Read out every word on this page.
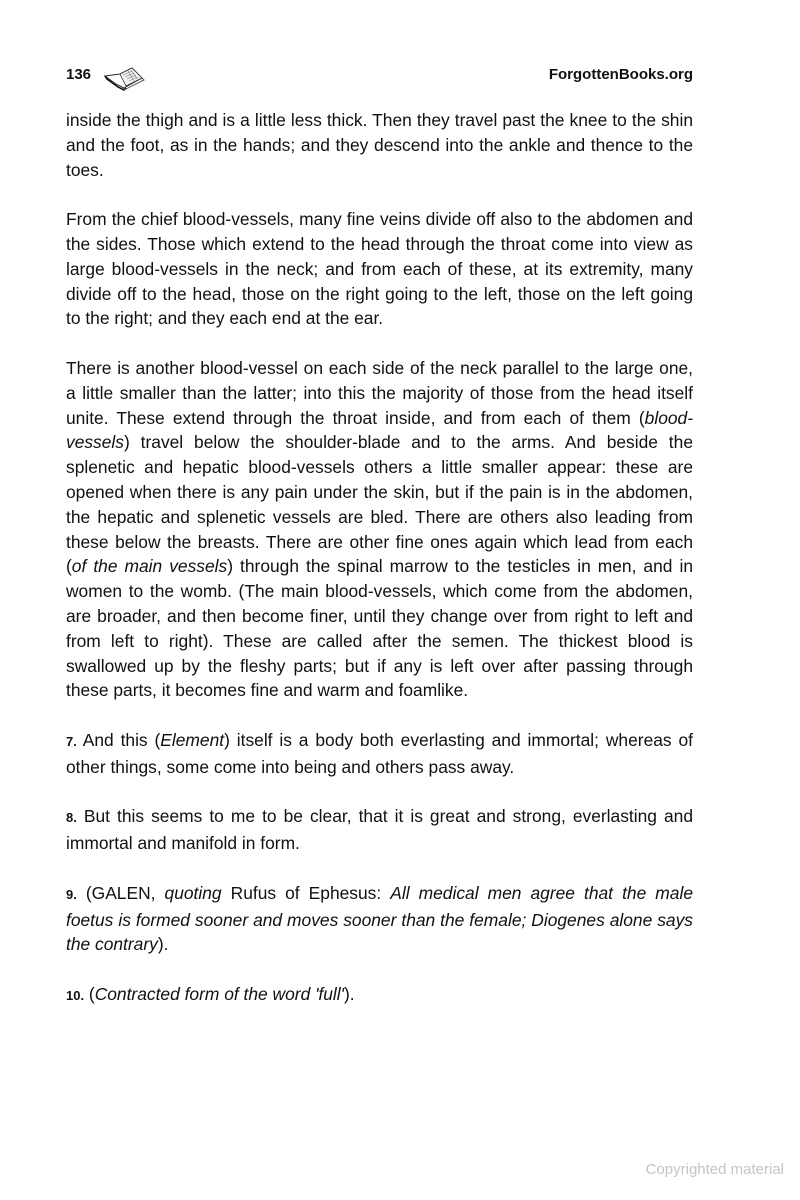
136	ForgottenBooks.org

inside the thigh and is a little less thick. Then they travel past the knee to the shin and the foot, as in the hands; and they descend into the ankle and thence to the toes.

From the chief blood-vessels, many fine veins divide off also to the abdomen and the sides. Those which extend to the head through the throat come into view as large blood-vessels in the neck; and from each of these, at its extremity, many divide off to the head, those on the right going to the left, those on the left going to the right; and they each end at the ear.

There is another blood-vessel on each side of the neck parallel to the large one, a little smaller than the latter; into this the majority of those from the head itself unite. These extend through the throat inside, and from each of them (blood-vessels) travel below the shoulder-blade and to the arms. And beside the splenetic and hepatic blood-vessels others a little smaller appear: these are opened when there is any pain under the skin, but if the pain is in the abdomen, the hepatic and splenetic vessels are bled. There are others also leading from these below the breasts. There are other fine ones again which lead from each (of the main vessels) through the spinal marrow to the testicles in men, and in women to the womb. (The main blood-vessels, which come from the abdomen, are broader, and then become finer, until they change over from right to left and from left to right). These are called after the semen. The thickest blood is swallowed up by the fleshy parts; but if any is left over after passing through these parts, it becomes fine and warm and foamlike.

7. And this (Element) itself is a body both everlasting and immortal; whereas of other things, some come into being and others pass away.

8. But this seems to me to be clear, that it is great and strong, everlasting and immortal and manifold in form.

9. (GALEN, quoting Rufus of Ephesus: All medical men agree that the male foetus is formed sooner and moves sooner than the female; Diogenes alone says the contrary).

10. (Contracted form of the word 'full').

Copyrighted material
